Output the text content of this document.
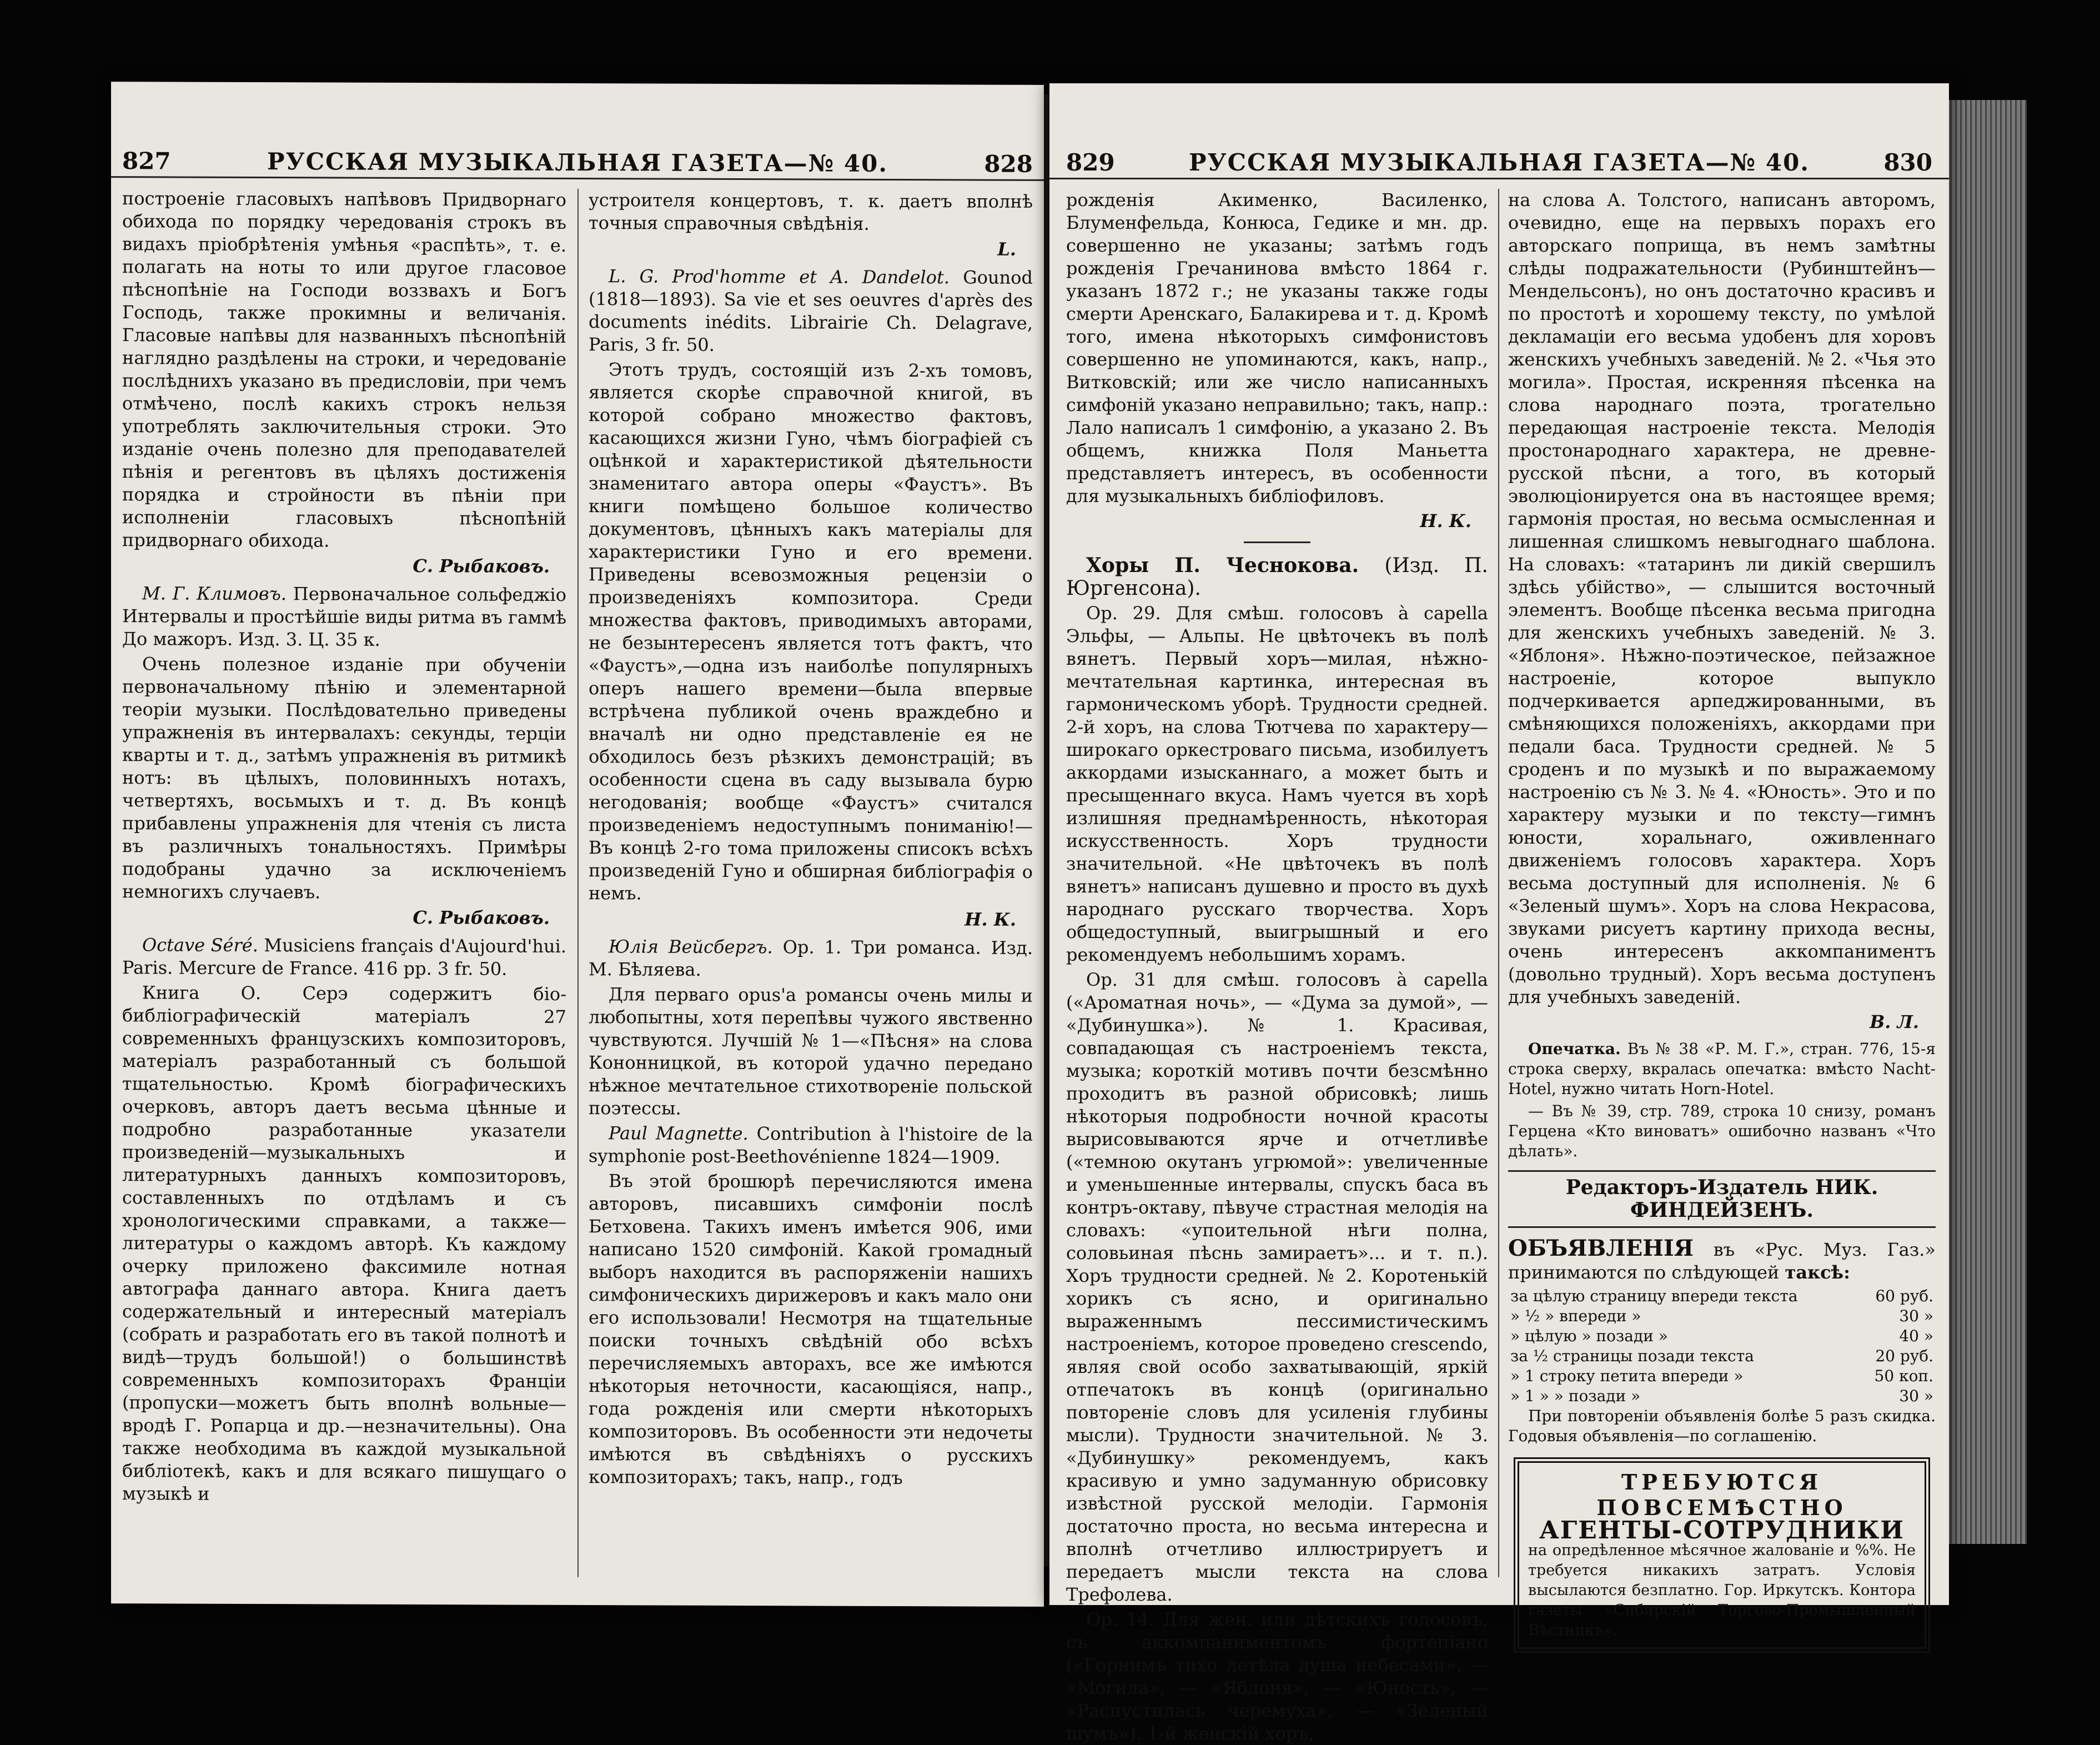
827	РУССКАЯ МУЗЫКАЛЬНАЯ ГАЗЕТА—№ 40.	828

построеніе гласовыхъ напѣвовъ Придворнаго обихода по порядку чередованія строкъ въ видахъ пріобрѣтенія умѣнья «распѣть», т. е. полагать на ноты то или другое гласовое пѣснопѣніе на Господи воззвахъ и Богъ Господь, также прокимны и величанія. Гласовые напѣвы для названныхъ пѣснопѣній наглядно раздѣлены на строки, и чередованіе послѣднихъ указано въ предисловіи, при чемъ отмѣчено, послѣ какихъ строкъ нельзя употреблять заключительныя строки. Это изданіе очень полезно для преподавателей пѣнія и регентовъ въ цѣляхъ достиженія порядка и стройности въ пѣніи при исполненіи гласовыхъ пѣснопѣній придворнаго обихода.

С. Рыбаковъ.

М. Г. Климовъ. Первоначальное сольфеджіо Интервалы и простѣйшіе виды ритма въ гаммѣ До мажоръ. Изд. 3. Ц. 35 к.

Очень полезное изданіе при обученіи первоначальному пѣнію и элементарной теоріи музыки. Послѣдовательно приведены упражненія въ интервалахъ: секунды, терціи кварты и т. д., затѣмъ упражненія въ ритмикѣ нотъ: въ цѣлыхъ, половинныхъ нотахъ, четвертяхъ, восьмыхъ и т. д. Въ концѣ прибавлены упражненія для чтенія съ листа въ различныхъ тональностяхъ. Примѣры подобраны удачно за исключеніемъ немногихъ случаевъ.

С. Рыбаковъ.

Octave Séré. Musiciens français d'Aujourd'hui. Paris. Mercure de France. 416 pp. 3 fr. 50.

Книга О. Серэ содержитъ біо-библіографическій матеріалъ 27 современныхъ французскихъ композиторовъ, матеріалъ разработанный съ большой тщательностью. Кромѣ біографическихъ очерковъ, авторъ даетъ весьма цѣнные и подробно разработанные указатели произведеній—музыкальныхъ и литературныхъ данныхъ композиторовъ, составленныхъ по отдѣламъ и съ хронологическими справками, а также—литературы о каждомъ авторѣ. Къ каждому очерку приложено факсимиле нотная автографа даннаго автора. Книга даетъ содержательный и интересный матеріалъ (собрать и разработать его въ такой полнотѣ и видѣ—трудъ большой!) о большинствѣ современныхъ композиторахъ Франціи (пропуски—можетъ быть вполнѣ вольные—вродѣ Г. Ропарца и др.—незначительны). Она также необходима въ каждой музыкальной библіотекѣ, какъ и для всякаго пишущаго о музыкѣ и

устроителя концертовъ, т. к. даетъ вполнѣ точныя справочныя свѣдѣнія.

L.

L. G. Prod'homme et A. Dandelot. Gounod (1818—1893). Sa vie et ses oeuvres d'après des documents inédits. Librairie Ch. Delagrave, Paris, 3 fr. 50.

Этотъ трудъ, состоящій изъ 2-хъ томовъ, является скорѣе справочной книгой, въ которой собрано множество фактовъ, касающихся жизни Гуно, чѣмъ біографіей съ оцѣнкой и характеристикой дѣятельности знаменитаго автора оперы «Фаустъ». Въ книги помѣщено большое количество документовъ, цѣнныхъ какъ матеріалы для характеристики Гуно и его времени. Приведены всевозможныя рецензіи о произведеніяхъ композитора. Среди множества фактовъ, приводимыхъ авторами, не безынтересенъ является тотъ фактъ, что «Фаустъ»,—одна изъ наиболѣе популярныхъ оперъ нашего времени—была впервые встрѣчена публикой очень враждебно и вначалѣ ни одно представленіе ея не обходилось безъ рѣзкихъ демонстрацій; въ особенности сцена въ саду вызывала бурю негодованія; вообще «Фаустъ» считался произведеніемъ недоступнымъ пониманію!—Въ концѣ 2-го тома приложены списокъ всѣхъ произведеній Гуно и обширная библіографія о немъ.

Н. К.

Юлія Вейсбергъ. Op. 1. Три романса. Изд. М. Бѣляева.

Для перваго opus'а романсы очень милы и любопытны, хотя перепѣвы чужого явственно чувствуются. Лучшій № 1—«Пѣсня» на слова Кононницкой, въ которой удачно передано нѣжное мечтательное стихотвореніе польской поэтессы.

Paul Magnette. Contribution à l'histoire de la symphonie post-Beethovénienne 1824—1909.

Въ этой брошюрѣ перечисляются имена авторовъ, писавшихъ симфоніи послѣ Бетховена. Такихъ именъ имѣется 906, ими написано 1520 симфоній. Какой громадный выборъ находится въ распоряженіи нашихъ симфоническихъ дирижеровъ и какъ мало они его использовали! Несмотря на тщательные поиски точныхъ свѣдѣній обо всѣхъ перечисляемыхъ авторахъ, все же имѣются нѣкоторыя неточности, касающіяся, напр., года рожденія или смерти нѣкоторыхъ композиторовъ. Въ особенности эти недочеты имѣются въ свѣдѣніяхъ о русскихъ композиторахъ; такъ, напр., годъ

829	РУССКАЯ МУЗЫКАЛЬНАЯ ГАЗЕТА—№ 40.	830

рожденія Акименко, Василенко, Блуменфельда, Конюса, Гедике и мн. др. совершенно не указаны; затѣмъ годъ рожденія Гречанинова вмѣсто 1864 г. указанъ 1872 г.; не указаны также годы смерти Аренскаго, Балакирева и т. д. Кромѣ того, имена нѣкоторыхъ симфонистовъ совершенно не упоминаются, какъ, напр., Витковскій; или же число написанныхъ симфоній указано неправильно; такъ, напр.: Лало написалъ 1 симфонію, а указано 2. Въ общемъ, книжка Поля Маньетта представляетъ интересъ, въ особенности для музыкальныхъ библіофиловъ.

Н. К.

Хоры П. Чеснокова. (Изд. П. Юргенсона).

Op. 29. Для смѣш. голосовъ à capella Эльфы, — Альпы. Не цвѣточекъ въ полѣ вянетъ. Первый хоръ—милая, нѣжно-мечтательная картинка, интересная въ гармоническомъ уборѣ. Трудности средней. 2-й хоръ, на слова Тютчева по характеру—широкаго оркестроваго письма, изобилуетъ аккордами изысканнаго, а может быть и пресыщеннаго вкуса. Намъ чуется въ хорѣ излишняя преднамѣренность, нѣкоторая искусственность. Хоръ трудности значительной. «Не цвѣточекъ въ полѣ вянетъ» написанъ душевно и просто въ духѣ народнаго русскаго творчества. Хоръ общедоступный, выигрышный и его рекомендуемъ небольшимъ хорамъ.

Op. 31 для смѣш. голосовъ à capella («Ароматная ночь», — «Дума за думой», — «Дубинушка»). № 1. Красивая, совпадающая съ настроеніемъ текста, музыка; короткій мотивъ почти безсмѣнно проходитъ въ разной обрисовкѣ; лишь нѣкоторыя подробности ночной красоты вырисовываются ярче и отчетливѣе («темною окутанъ угрюмой»: увеличенные и уменьшенные интервалы, спускъ баса въ контръ-октаву, пѣвуче страстная мелодія на словахъ: «упоительной нѣги полна, соловьиная пѣснь замираетъ»... и т. п.). Хоръ трудности средней. № 2. Коротенькій хорикъ съ ясно, и оригинально выраженнымъ пессимистическимъ настроеніемъ, которое проведено crescendo, являя свой особо захватывающій, яркій отпечатокъ въ концѣ (оригинально повтореніе словъ для усиленія глубины мысли). Трудности значительной. № 3. «Дубинушку» рекомендуемъ, какъ красивую и умно задуманную обрисовку извѣстной русской мелодіи. Гармонія достаточно проста, но весьма интересна и вполнѣ отчетливо иллюстрируетъ и передаетъ мысли текста на слова Трефолева.

Op. 14. Для жен. или дѣтскихъ голосовъ, съ аккомпаниментомъ фортепіано («Горнимъ тихо летѣла душа небесами», — «Могила», — «Яблоня», — «Юность», — «Распустилась черемуха», — «Зеленый шумъ»). 1-й женскій хоръ,

на слова А. Толстого, написанъ авторомъ, очевидно, еще на первыхъ порахъ его авторскаго поприща, въ немъ замѣтны слѣды подражательности (Рубинштейнъ—Мендельсонъ), но онъ достаточно красивъ и по простотѣ и хорошему тексту, по умѣлой декламаціи его весьма удобенъ для хоровъ женскихъ учебныхъ заведеній. № 2. «Чья это могила». Простая, искренняя пѣсенка на слова народнаго поэта, трогательно передающая настроеніе текста. Мелодія простонароднаго характера, не древне-русской пѣсни, а того, въ который эволюціонируется она въ настоящее время; гармонія простая, но весьма осмысленная и лишенная слишкомъ невыгоднаго шаблона. На словахъ: «татаринъ ли дикій свершилъ здѣсь убійство», — слышится восточный элементъ. Вообще пѣсенка весьма пригодна для женскихъ учебныхъ заведеній. № 3. «Яблоня». Нѣжно-поэтическое, пейзажное настроеніе, которое выпукло подчеркивается арпеджированными, въ смѣняющихся положеніяхъ, аккордами при педали баса. Трудности средней. № 5 сроденъ и по музыкѣ и по выражаемому настроенію съ № 3. № 4. «Юность». Это и по характеру музыки и по тексту—гимнъ юности, хоральнаго, оживленнаго движеніемъ голосовъ характера. Хоръ весьма доступный для исполненія. № 6 «Зеленый шумъ». Хоръ на слова Некрасова, звуками рисуетъ картину прихода весны, очень интересенъ аккомпаниментъ (довольно трудный). Хоръ весьма доступенъ для учебныхъ заведеній.

В. Л.

Опечатка. Въ № 38 «Р. М. Г.», стран. 776, 15-я строка сверху, вкралась опечатка: вмѣсто Nacht-Hotel, нужно читать Horn-Hotel.

— Въ № 39, стр. 789, строка 10 снизу, романъ Герцена «Кто виноватъ» ошибочно названъ «Что дѣлать».

Редакторъ-Издатель НИК. ФИНДЕЙЗЕНЪ.

ОБЪЯВЛЕНІЯ въ «Рус. Муз. Газ.» принимаются по слѣдующей таксѣ:

за цѣлую страницу впереди текста	60 руб.
» ½ » впереди »	30 »
» цѣлую » позади »	40 »
за ½ страницы позади текста	20 руб.
» 1 строку петита впереди »	50 коп.
» 1 » » позади »	30 »

При повтореніи объявленія болѣе 5 разъ скидка. Годовыя объявленія—по соглашенію.

ТРЕБУЮТСЯ
ПОВСЕМѢСТНО
АГЕНТЫ-СОТРУДНИКИ
на опредѣленное мѣсячное жалованіе и %%. Не требуется никакихъ затратъ. Условія высылаются безплатно. Гор. Иркутскъ. Контора газеты «Сибирскій Торгово-Промышленный Вѣстникъ».
